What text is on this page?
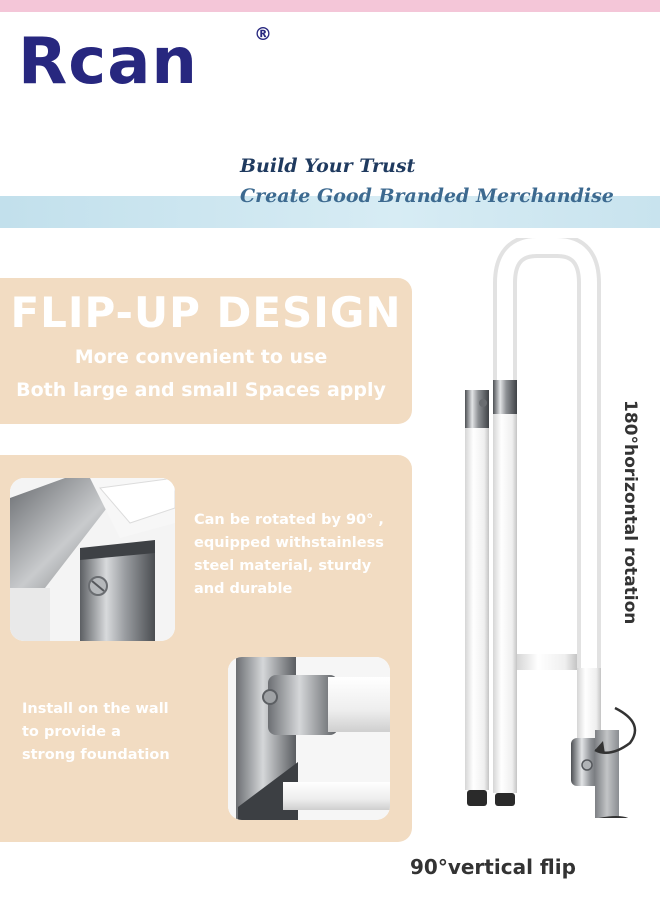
Rcan	®
Build Your Trust
Create Good Branded Merchandise
FLIP-UP DESIGN
More convenient to use
Both large and small Spaces apply
Can be rotated by 90° ,
equipped withstainless
steel material, sturdy
and durable
Install on the wall
to provide a
strong foundation
180°horizontal rotation
90°vertical flip
